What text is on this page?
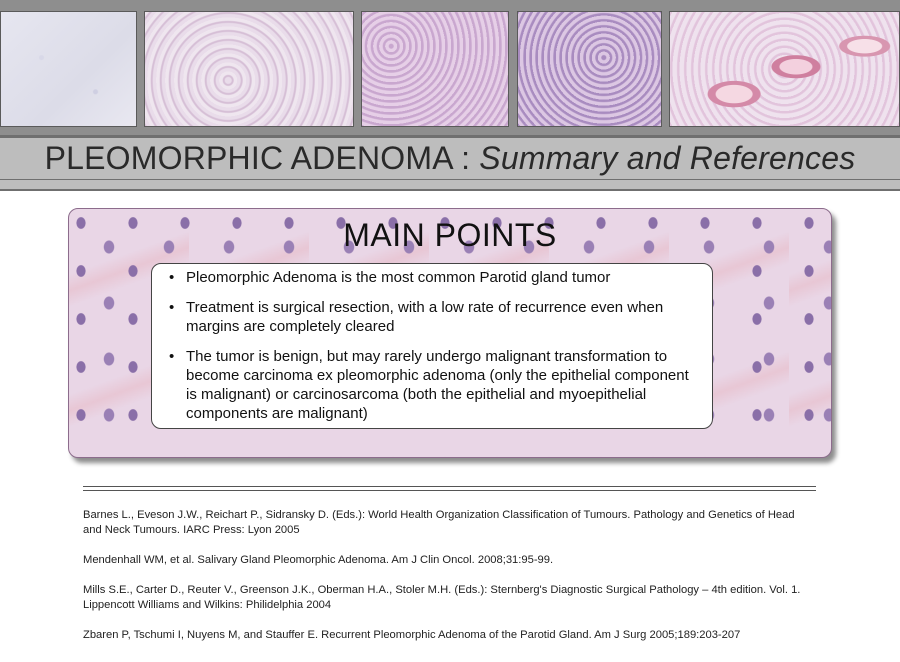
PLEOMORPHIC ADENOMA : Summary and References
MAIN POINTS
• Pleomorphic Adenoma is the most common Parotid gland tumor
• Treatment is surgical resection, with a low rate of recurrence even when margins are completely cleared
• The tumor is benign, but may rarely undergo malignant transformation to become carcinoma ex pleomorphic adenoma (only the epithelial component is malignant) or carcinosarcoma (both the epithelial and myoepithelial components are malignant)

Barnes L., Eveson J.W., Reichart P., Sidransky D. (Eds.): World Health Organization Classification of Tumours. Pathology and Genetics of Head and Neck Tumours. IARC Press: Lyon 2005

Mendenhall WM, et al. Salivary Gland Pleomorphic Adenoma. Am J Clin Oncol. 2008;31:95-99.

Mills S.E., Carter D., Reuter V., Greenson J.K., Oberman H.A., Stoler M.H. (Eds.): Sternberg's Diagnostic Surgical Pathology – 4th edition. Vol. 1. Lippencott Williams and Wilkins: Philidelphia 2004

Zbaren P, Tschumi I, Nuyens M, and Stauffer E. Recurrent Pleomorphic Adenoma of the Parotid Gland. Am J Surg 2005;189:203-207
